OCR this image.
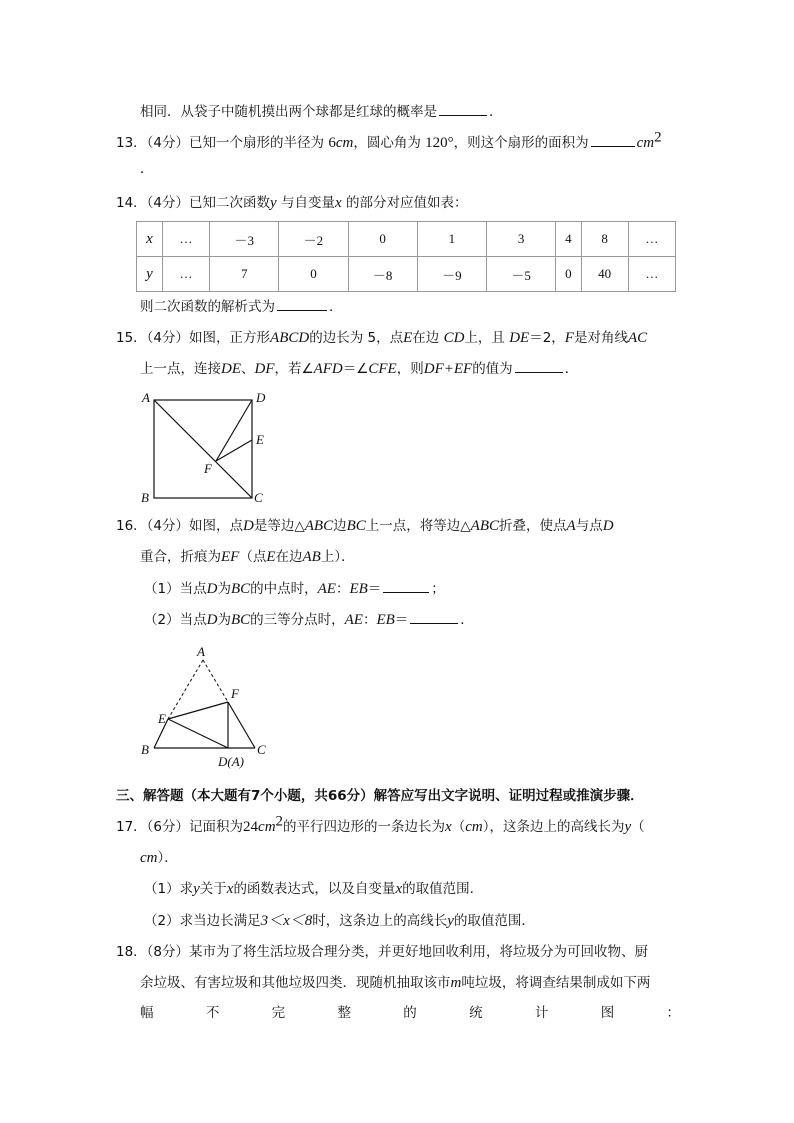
相同．从袋子中随机摸出两个球都是红球的概率是	．
13．（4分）已知一个扇形的半径为 6cm，圆心角为 120°，则这个扇形的面积为	$cm^2$
．
14．（4分）已知二次函数y 与自变量x 的部分对应值如表：
x	…	－3	－2	0	1	3	4	8	…
y	…	7	0	－8	－9	－5	0	40	…
则二次函数的解析式为	．
15．（4分）如图，正方形ABCD的边长为 5，点E在边 CD上，且 DE＝2，F是对角线AC
上一点，连接DE、DF，若∠AFD＝∠CFE，则DF+EF的值为	．
A	D
E
F
B	C
16．（4分）如图，点D是等边△ABC边BC上一点，将等边△ABC折叠，使点A与点D
重合，折痕为EF（点E在边AB上）．
（1）当点D为BC的中点时，AE：EB＝	；
（2）当点D为BC的三等分点时，AE：EB＝	．
A
F
E
B
D(A)
C
三、解答题（本大题有7个小题，共66分）解答应写出文字说明、证明过程或推演步骤．
17．（6分）记面积为$24cm^2$的平行四边形的一条边长为x（cm），这条边上的高线长为y（
cm）．
（1）求y关于x的函数表达式，以及自变量x的取值范围．
（2）求当边长满足3＜x＜8时，这条边上的高线长y的取值范围．
18．（8分）某市为了将生活垃圾合理分类，并更好地回收利用，将垃圾分为可回收物、厨
余垃圾、有害垃圾和其他垃圾四类．现随机抽取该市m吨垃圾，将调查结果制成如下两
幅	不	完	整	的	统	计	图	：
